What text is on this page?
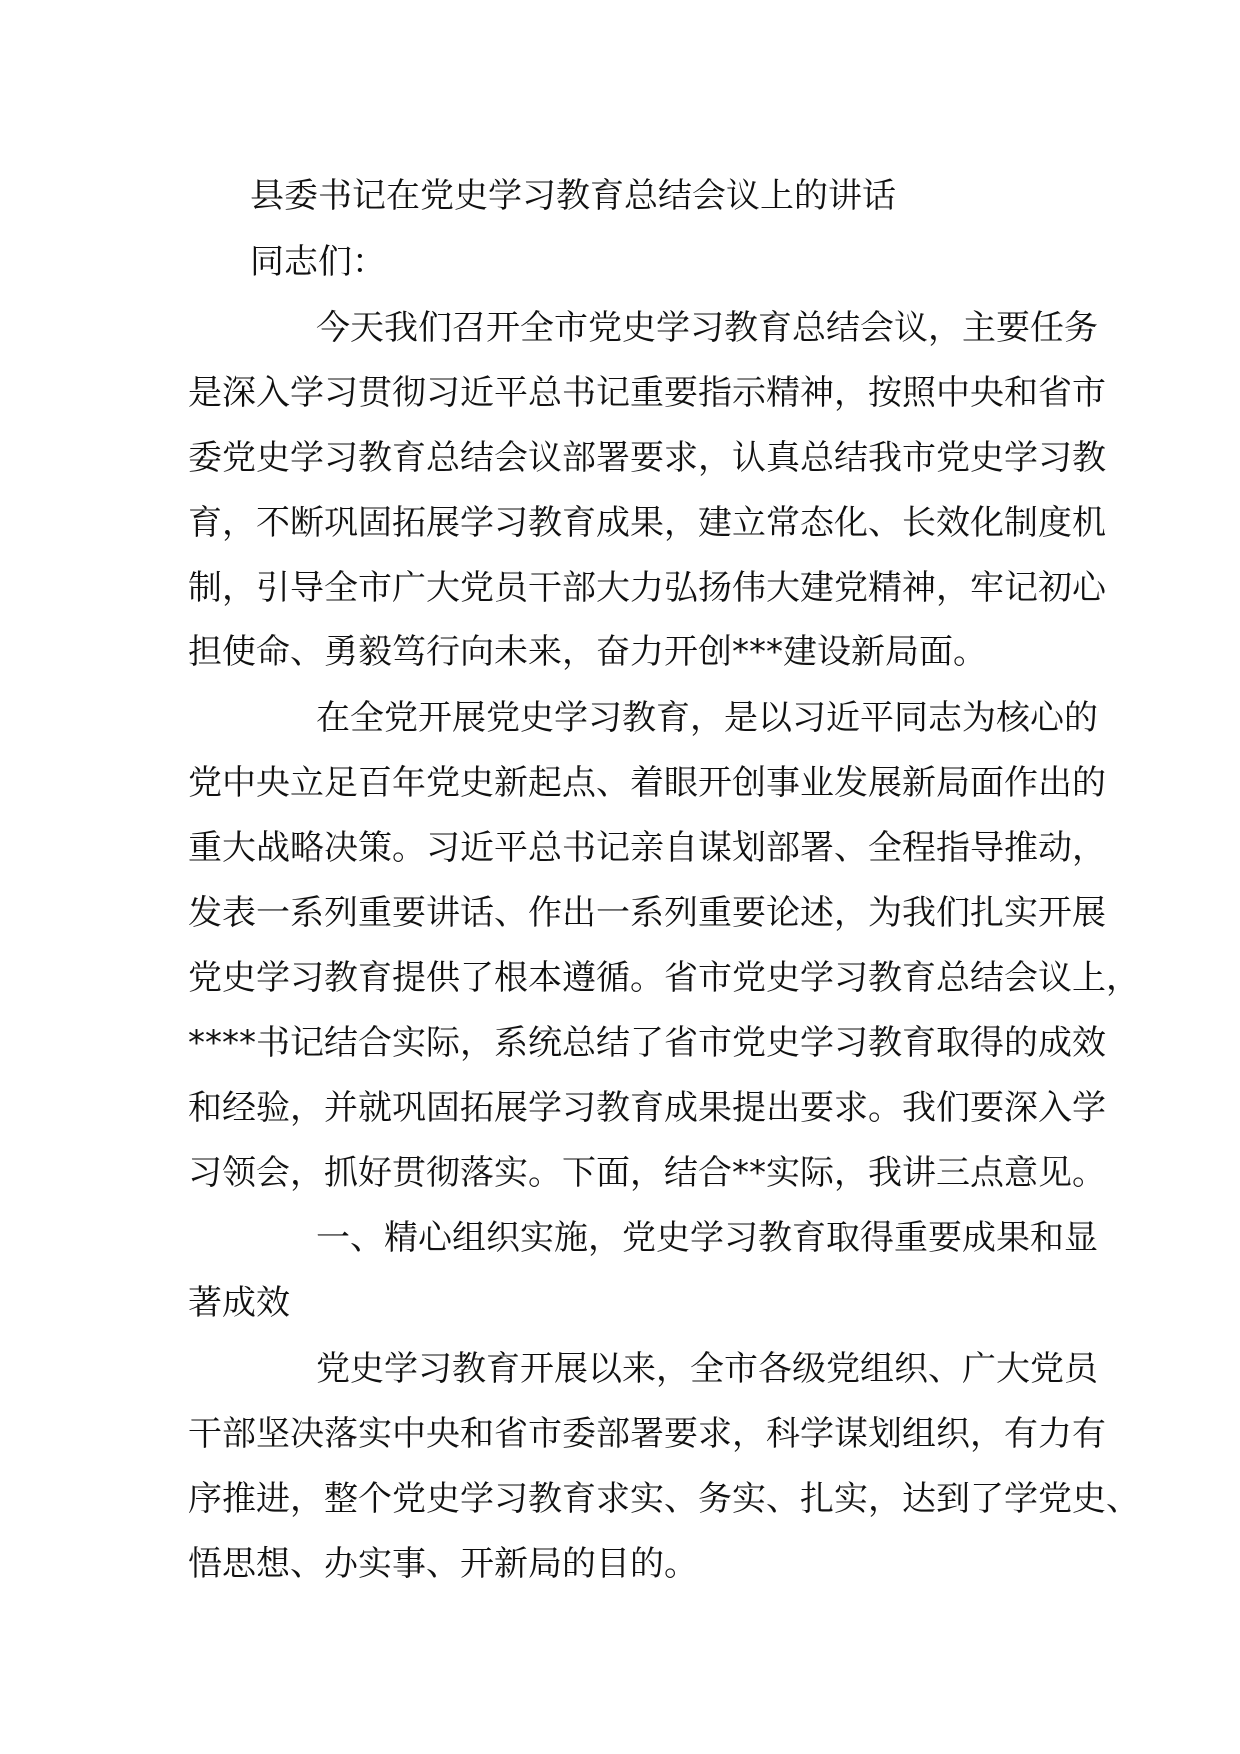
县委书记在党史学习教育总结会议上的讲话
同志们：
今天我们召开全市党史学习教育总结会议，主要任务
是深入学习贯彻习近平总书记重要指示精神，按照中央和省市
委党史学习教育总结会议部署要求，认真总结我市党史学习教
育，不断巩固拓展学习教育成果，建立常态化、长效化制度机
制，引导全市广大党员干部大力弘扬伟大建党精神，牢记初心
担使命、勇毅笃行向未来，奋力开创***建设新局面。
在全党开展党史学习教育，是以习近平同志为核心的
党中央立足百年党史新起点、着眼开创事业发展新局面作出的
重大战略决策。习近平总书记亲自谋划部署、全程指导推动，
发表一系列重要讲话、作出一系列重要论述，为我们扎实开展
党史学习教育提供了根本遵循。省市党史学习教育总结会议上，
****书记结合实际，系统总结了省市党史学习教育取得的成效
和经验，并就巩固拓展学习教育成果提出要求。我们要深入学
习领会，抓好贯彻落实。下面，结合**实际，我讲三点意见。
一、精心组织实施，党史学习教育取得重要成果和显
著成效
党史学习教育开展以来，全市各级党组织、广大党员
干部坚决落实中央和省市委部署要求，科学谋划组织，有力有
序推进，整个党史学习教育求实、务实、扎实，达到了学党史、
悟思想、办实事、开新局的目的。
